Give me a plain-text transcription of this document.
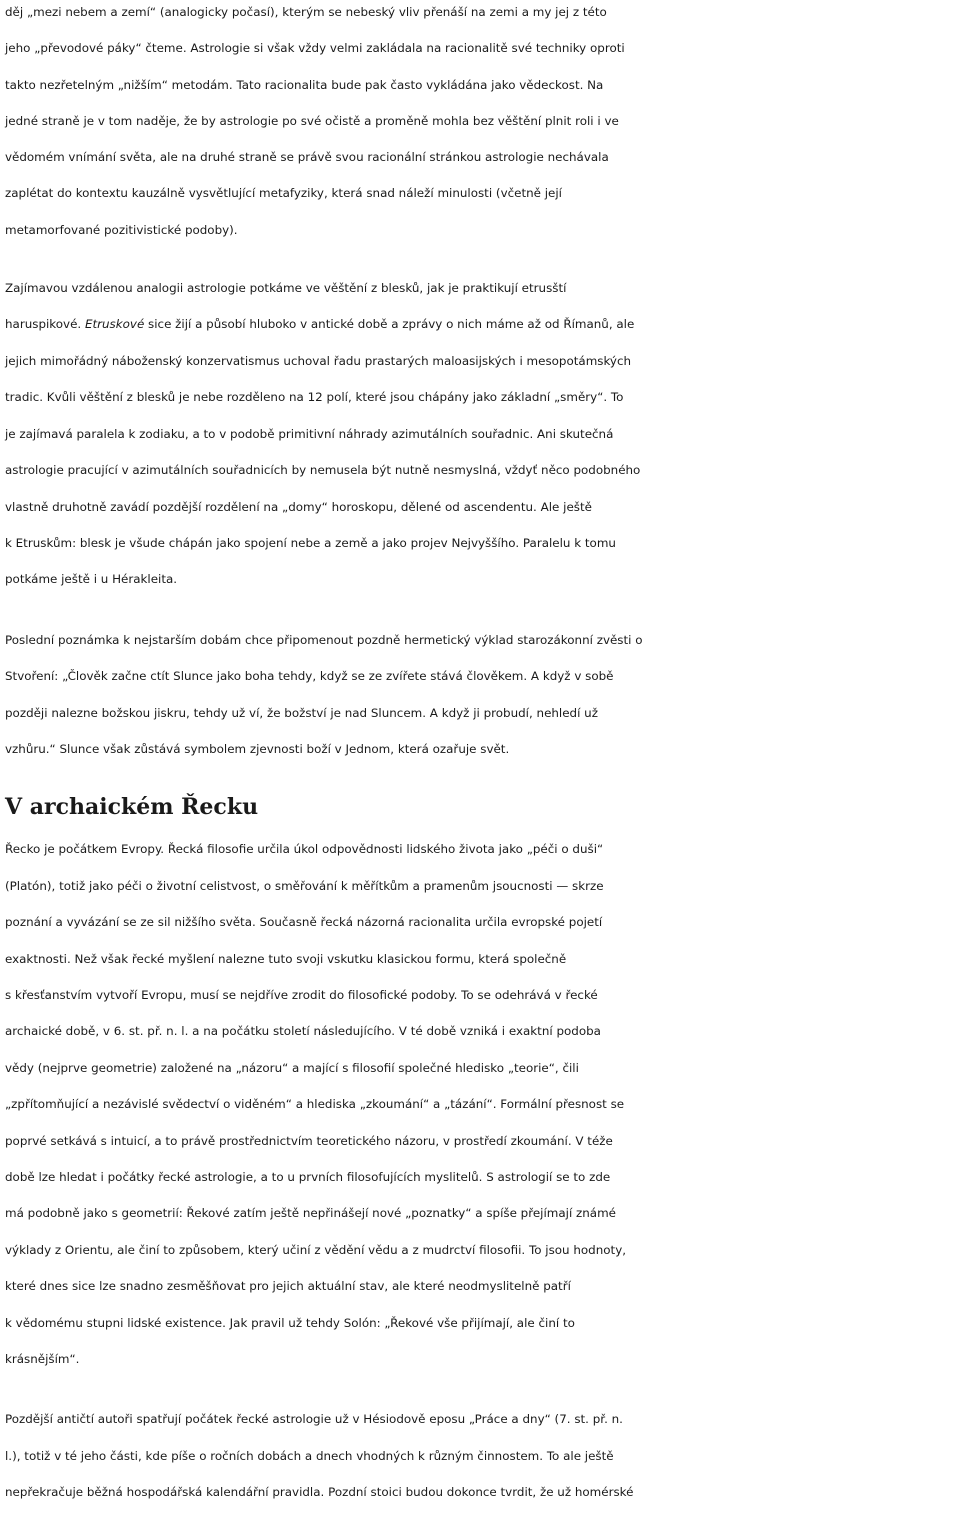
děj „mezi nebem a zemí“ (analogicky počasí), kterým se nebeský vliv přenáší na zemi a my jej z této
jeho „převodové páky“ čteme. Astrologie si však vždy velmi zakládala na racionalitě své techniky oproti
takto nezřetelným „nižším“ metodám. Tato racionalita bude pak často vykládána jako vědeckost. Na
jedné straně je v tom naděje, že by astrologie po své očistě a proměně mohla bez věštění plnit roli i ve
vědomém vnímání světa, ale na druhé straně se právě svou racionální stránkou astrologie nechávala
zaplétat do kontextu kauzálně vysvětlující metafyziky, která snad náleží minulosti (včetně její
metamorfované pozitivistické podoby).

Zajímavou vzdálenou analogii astrologie potkáme ve věštění z blesků, jak je praktikují etrusští
haruspikové. Etruskové sice žijí a působí hluboko v antické době a zprávy o nich máme až od Římanů, ale
jejich mimořádný náboženský konzervatismus uchoval řadu prastarých maloasijských i mesopotámských
tradic. Kvůli věštění z blesků je nebe rozděleno na 12 polí, které jsou chápány jako základní „směry“. To
je zajímavá paralela k zodiaku, a to v podobě primitivní náhrady azimutálních souřadnic. Ani skutečná
astrologie pracující v azimutálních souřadnicích by nemusela být nutně nesmyslná, vždyť něco podobného
vlastně druhotně zavádí pozdější rozdělení na „domy“ horoskopu, dělené od ascendentu. Ale ještě
k Etruskům: blesk je všude chápán jako spojení nebe a země a jako projev Nejvyššího. Paralelu k tomu
potkáme ještě i u Hérakleita.

Poslední poznámka k nejstarším dobám chce připomenout pozdně hermetický výklad starozákonní zvěsti o
Stvoření: „Člověk začne ctít Slunce jako boha tehdy, když se ze zvířete stává člověkem. A když v sobě
později nalezne božskou jiskru, tehdy už ví, že božství je nad Sluncem. A když ji probudí, nehledí už
vzhůru.“ Slunce však zůstává symbolem zjevnosti boží v Jednom, která ozařuje svět.

V archaickém Řecku

Řecko je počátkem Evropy. Řecká filosofie určila úkol odpovědnosti lidského života jako „péči o duši“
(Platón), totiž jako péči o životní celistvost, o směřování k měřítkům a pramenům jsoucnosti — skrze
poznání a vyvázání se ze sil nižšího světa. Současně řecká názorná racionalita určila evropské pojetí
exaktnosti. Než však řecké myšlení nalezne tuto svoji vskutku klasickou formu, která společně
s křesťanstvím vytvoří Evropu, musí se nejdříve zrodit do filosofické podoby. To se odehrává v řecké
archaické době, v 6. st. př. n. l. a na počátku století následujícího. V té době vzniká i exaktní podoba
vědy (nejprve geometrie) založené na „názoru“ a mající s filosofií společné hledisko „teorie“, čili
„zpřítomňující a nezávislé svědectví o viděném“ a hlediska „zkoumání“ a „tázání“. Formální přesnost se
poprvé setkává s intuicí, a to právě prostřednictvím teoretického názoru, v prostředí zkoumání. V téže
době lze hledat i počátky řecké astrologie, a to u prvních filosofujících myslitelů. S astrologií se to zde
má podobně jako s geometrií: Řekové zatím ještě nepřinášejí nové „poznatky“ a spíše přejímají známé
výklady z Orientu, ale činí to způsobem, který učiní z vědění vědu a z mudrctví filosofii. To jsou hodnoty,
které dnes sice lze snadno zesměšňovat pro jejich aktuální stav, ale které neodmyslitelně patří
k vědomému stupni lidské existence. Jak pravil už tehdy Solón: „Řekové vše přijímají, ale činí to
krásnějším“.

Pozdější antičtí autoři spatřují počátek řecké astrologie už v Hésiodově eposu „Práce a dny“ (7. st. př. n.
l.), totiž v té jeho části, kde píše o ročních dobách a dnech vhodných k různým činnostem. To ale ještě
nepřekračuje běžná hospodářská kalendářní pravidla. Pozdní stoici budou dokonce tvrdit, že už homérské
